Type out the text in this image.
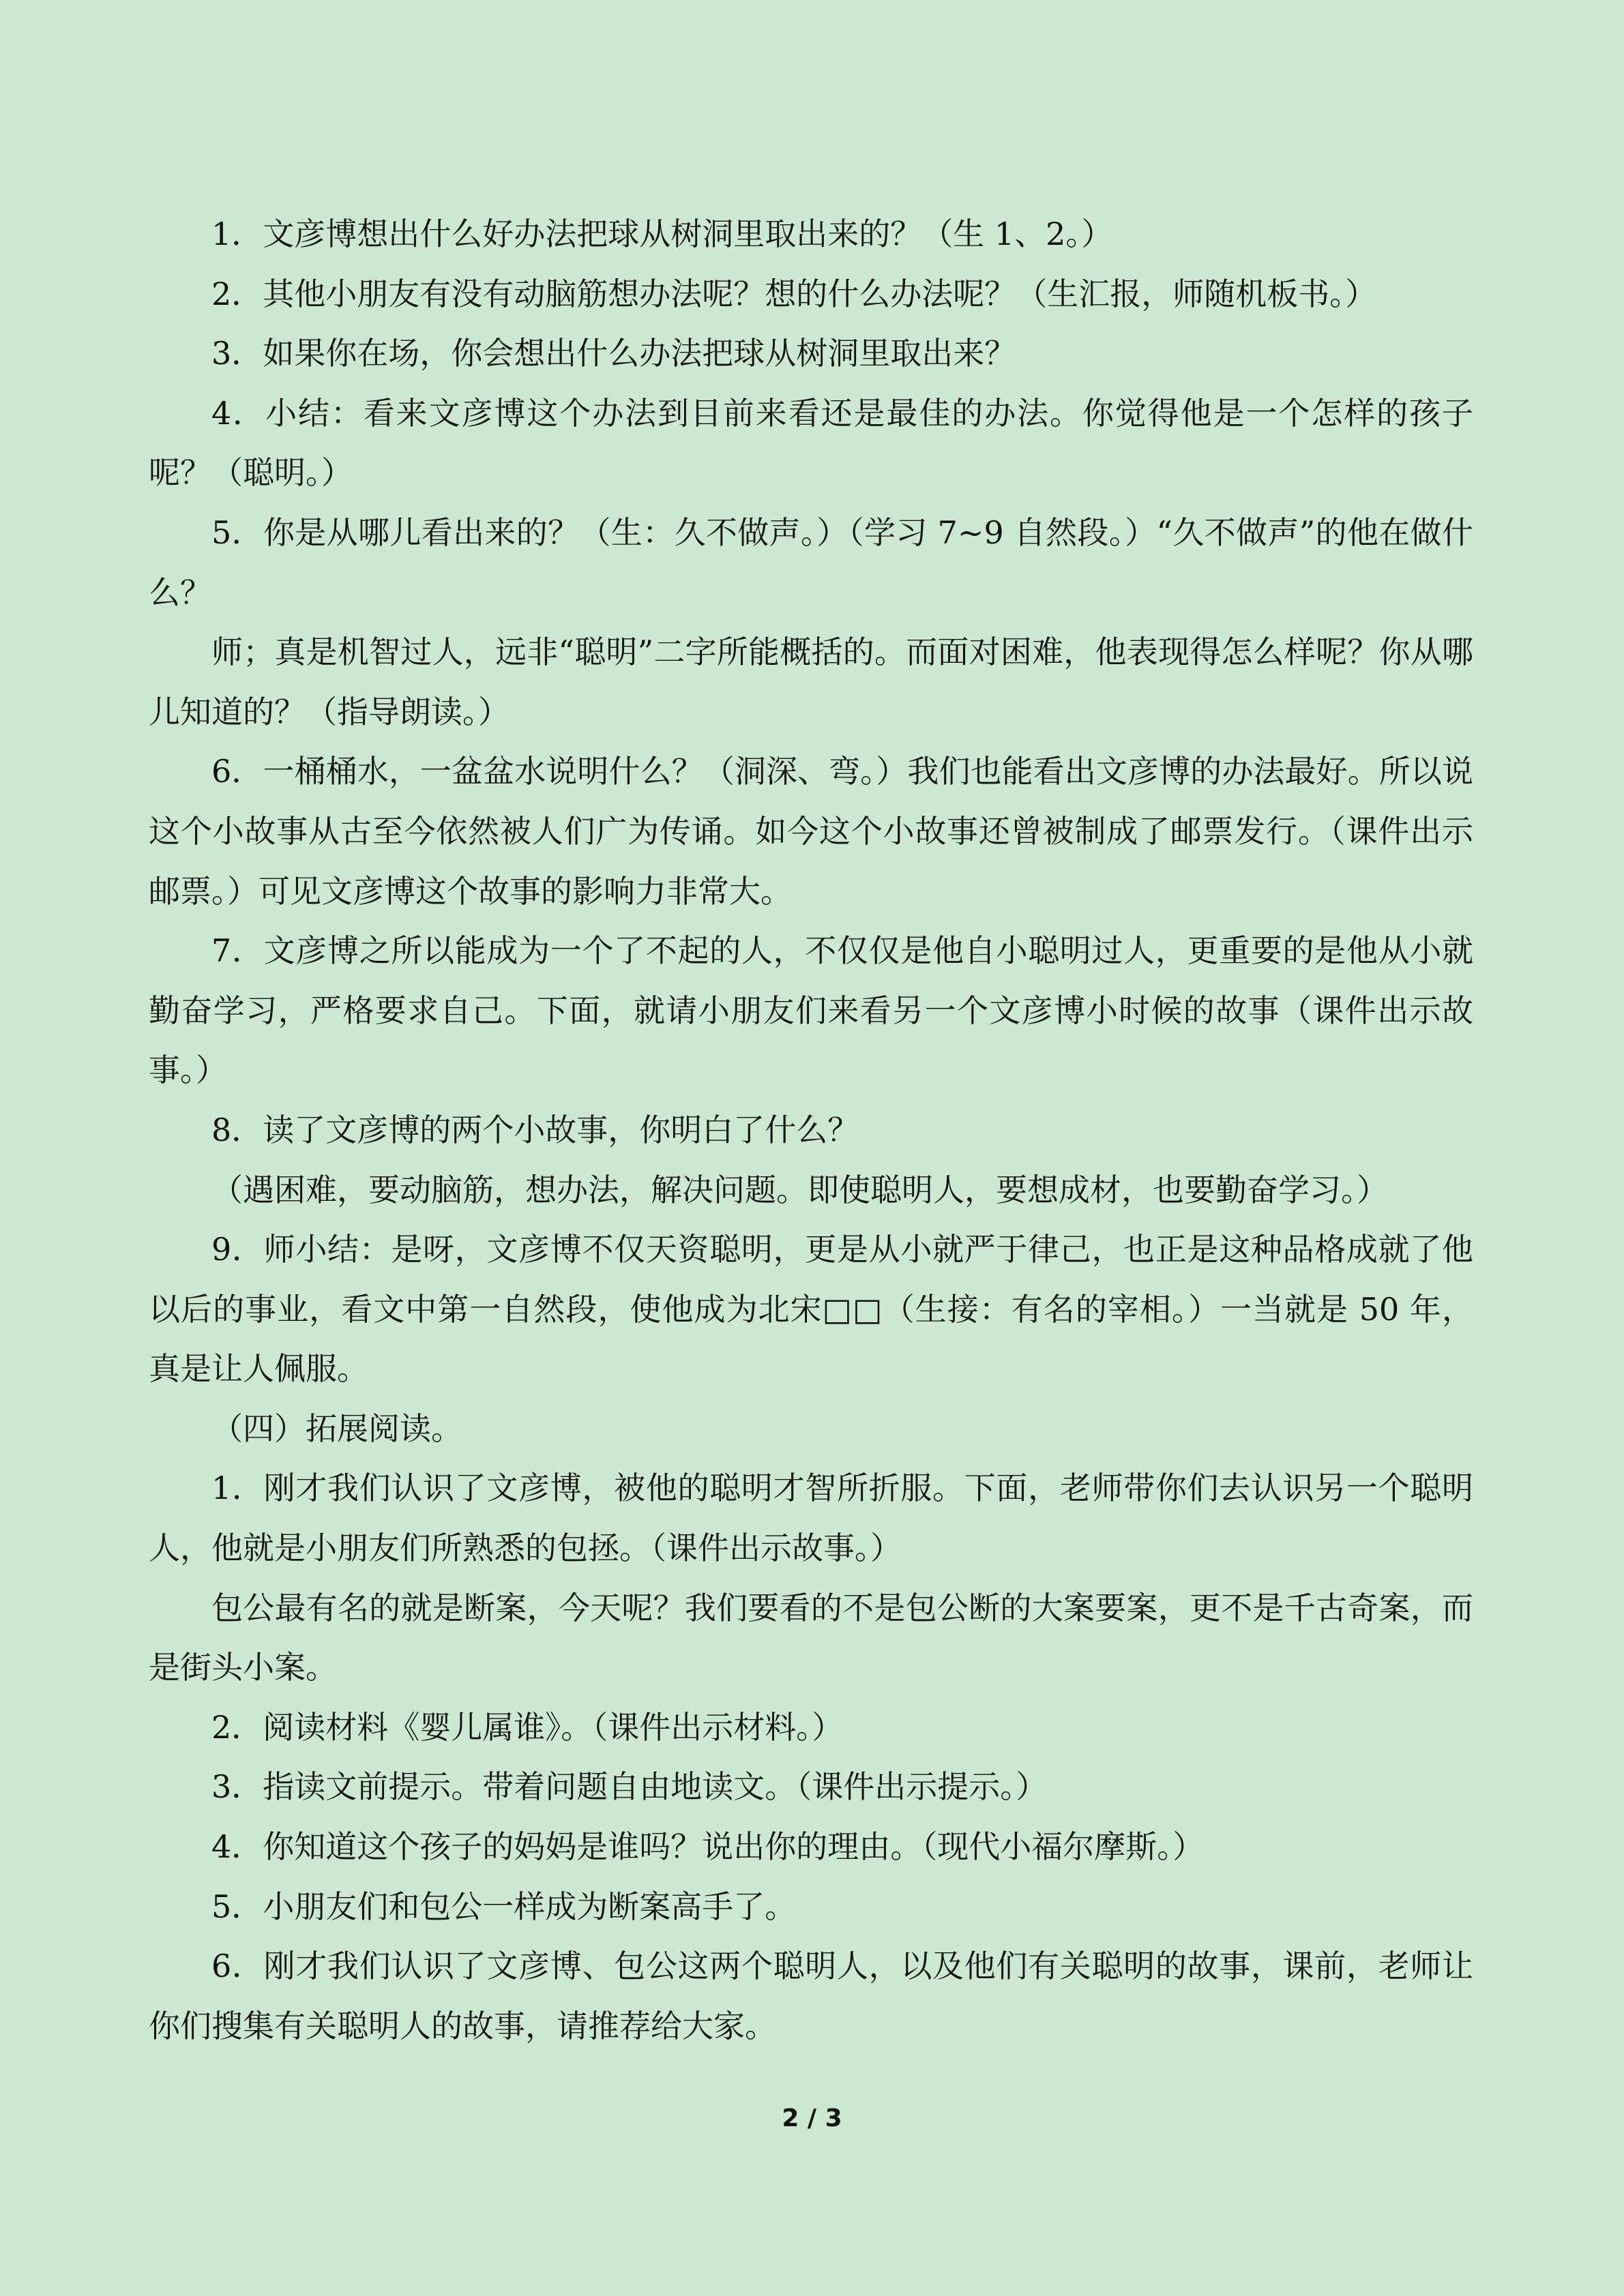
1．文彦博想出什么好办法把球从树洞里取出来的？（生 1、2。）

2．其他小朋友有没有动脑筋想办法呢？想的什么办法呢？（生汇报，师随机板书。）

3．如果你在场，你会想出什么办法把球从树洞里取出来？

4．小结：看来文彦博这个办法到目前来看还是最佳的办法。你觉得他是一个怎样的孩子呢？（聪明。）

5．你是从哪儿看出来的？（生：久不做声。）（学习 7~9 自然段。）“久不做声”的他在做什么？

师；真是机智过人，远非“聪明”二字所能概括的。而面对困难，他表现得怎么样呢？你从哪儿知道的？（指导朗读。）

6．一桶桶水，一盆盆水说明什么？（洞深、弯。）我们也能看出文彦博的办法最好。所以说这个小故事从古至今依然被人们广为传诵。如今这个小故事还曾被制成了邮票发行。（课件出示邮票。）可见文彦博这个故事的影响力非常大。

7．文彦博之所以能成为一个了不起的人，不仅仅是他自小聪明过人，更重要的是他从小就勤奋学习，严格要求自己。下面，就请小朋友们来看另一个文彦博小时候的故事（课件出示故事。）

8．读了文彦博的两个小故事，你明白了什么？

（遇困难，要动脑筋，想办法，解决问题。即使聪明人，要想成材，也要勤奋学习。）

9．师小结：是呀，文彦博不仅天资聪明，更是从小就严于律己，也正是这种品格成就了他以后的事业，看文中第一自然段，使他成为北宋□□（生接：有名的宰相。）一当就是 50 年，真是让人佩服。

（四）拓展阅读。

1．刚才我们认识了文彦博，被他的聪明才智所折服。下面，老师带你们去认识另一个聪明人，他就是小朋友们所熟悉的包拯。（课件出示故事。）

包公最有名的就是断案，今天呢？我们要看的不是包公断的大案要案，更不是千古奇案，而是街头小案。

2．阅读材料《婴儿属谁》。（课件出示材料。）

3．指读文前提示。带着问题自由地读文。（课件出示提示。）

4．你知道这个孩子的妈妈是谁吗？说出你的理由。（现代小福尔摩斯。）

5．小朋友们和包公一样成为断案高手了。

6．刚才我们认识了文彦博、包公这两个聪明人，以及他们有关聪明的故事，课前，老师让你们搜集有关聪明人的故事，请推荐给大家。

2 / 3
